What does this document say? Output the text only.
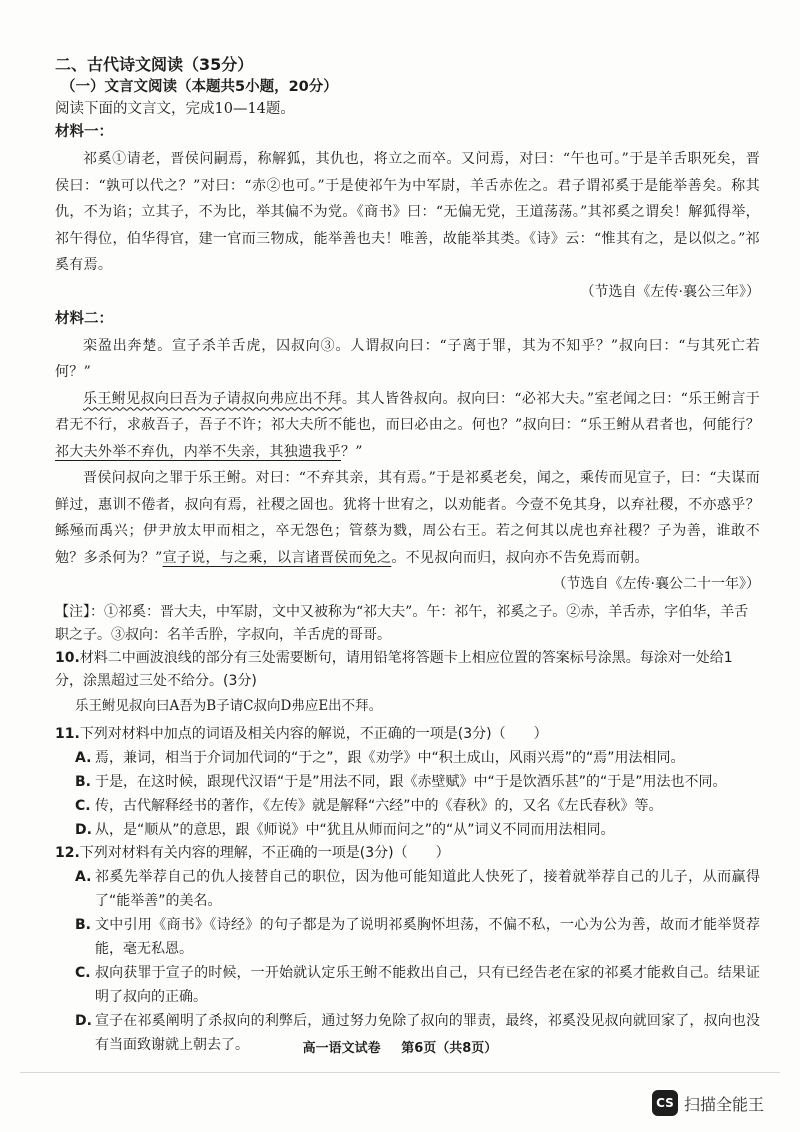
二、古代诗文阅读（35分）
（一）文言文阅读（本题共5小题，20分）
阅读下面的文言文，完成10—14题。
材料一：

祁奚①请老，晋侯问嗣焉，称解狐，其仇也，将立之而卒。又问焉，对曰：“午也可。”于是羊舌职死矣，晋侯曰：“孰可以代之？”对曰：“赤②也可。”于是使祁午为中军尉，羊舌赤佐之。君子谓祁奚于是能举善矣。称其仇，不为谄；立其子，不为比，举其偏不为党。《商书》曰：“无偏无党，王道荡荡。”其祁奚之谓矣！解狐得举，祁午得位，伯华得官，建一官而三物成，能举善也夫！唯善，故能举其类。《诗》云：“惟其有之，是以似之。”祁奚有焉。

（节选自《左传·襄公三年》）
材料二：

栾盈出奔楚。宣子杀羊舌虎，囚叔向③。人谓叔向曰：“子离于罪，其为不知乎？”叔向曰：“与其死亡若何？”

乐王鲋见叔向曰吾为子请叔向弗应出不拜。其人皆咎叔向。叔向曰：“必祁大夫。”室老闻之曰：“乐王鲋言于君无不行，求赦吾子，吾子不许；祁大夫所不能也，而曰必由之。何也？”叔向曰：“乐王鲋从君者也，何能行？祁大夫外举不弃仇，内举不失亲，其独遗我乎？”

晋侯问叔向之罪于乐王鲋。对曰：“不弃其亲，其有焉。”于是祁奚老矣，闻之，乘传而见宣子，曰：“夫谋而鲜过，惠训不倦者，叔向有焉，社稷之固也。犹将十世宥之，以劝能者。今壹不免其身，以弃社稷，不亦惑乎？鲧殛而禹兴；伊尹放太甲而相之，卒无怨色；管蔡为戮，周公右王。若之何其以虎也弃社稷？子为善，谁敢不勉？多杀何为？”宣子说，与之乘，以言诸晋侯而免之。不见叔向而归，叔向亦不告免焉而朝。

（节选自《左传·襄公二十一年》）

【注】：①祁奚：晋大夫，中军尉，文中又被称为“祁大夫”。午：祁午，祁奚之子。②赤，羊舌赤，字伯华，羊舌职之子。③叔向：名羊舌肸，字叔向，羊舌虎的哥哥。

10.材料二中画波浪线的部分有三处需要断句，请用铅笔将答题卡上相应位置的答案标号涂黑。每涂对一处给1分，涂黑超过三处不给分。(3分)
乐王鲋见叔向曰A吾为B子请C叔向D弗应E出不拜。
11.下列对材料中加点的词语及相关内容的解说，不正确的一项是(3分)（　　）
A. 焉，兼词，相当于介词加代词的“于之”，跟《劝学》中“积土成山，风雨兴焉”的“焉”用法相同。
B. 于是，在这时候，跟现代汉语“于是”用法不同，跟《赤壁赋》中“于是饮酒乐甚”的“于是”用法也不同。
C. 传，古代解释经书的著作，《左传》就是解释“六经”中的《春秋》的，又名《左氏春秋》等。
D. 从，是“顺从”的意思，跟《师说》中“犹且从师而问之”的“从”词义不同而用法相同。
12.下列对材料有关内容的理解，不正确的一项是(3分)（　　）
A. 祁奚先举荐自己的仇人接替自己的职位，因为他可能知道此人快死了，接着就举荐自己的儿子，从而赢得了“能举善”的美名。
B. 文中引用《商书》《诗经》的句子都是为了说明祁奚胸怀坦荡，不偏不私，一心为公为善，故而才能举贤荐能，毫无私恩。
C. 叔向获罪于宣子的时候，一开始就认定乐王鲋不能救出自己，只有已经告老在家的祁奚才能救自己。结果证明了叔向的正确。
D. 宣子在祁奚阐明了杀叔向的利弊后，通过努力免除了叔向的罪责，最终，祁奚没见叔向就回家了，叔向也没有当面致谢就上朝去了。	高一语文试卷 第6页（共8页）
CS 扫描全能王
